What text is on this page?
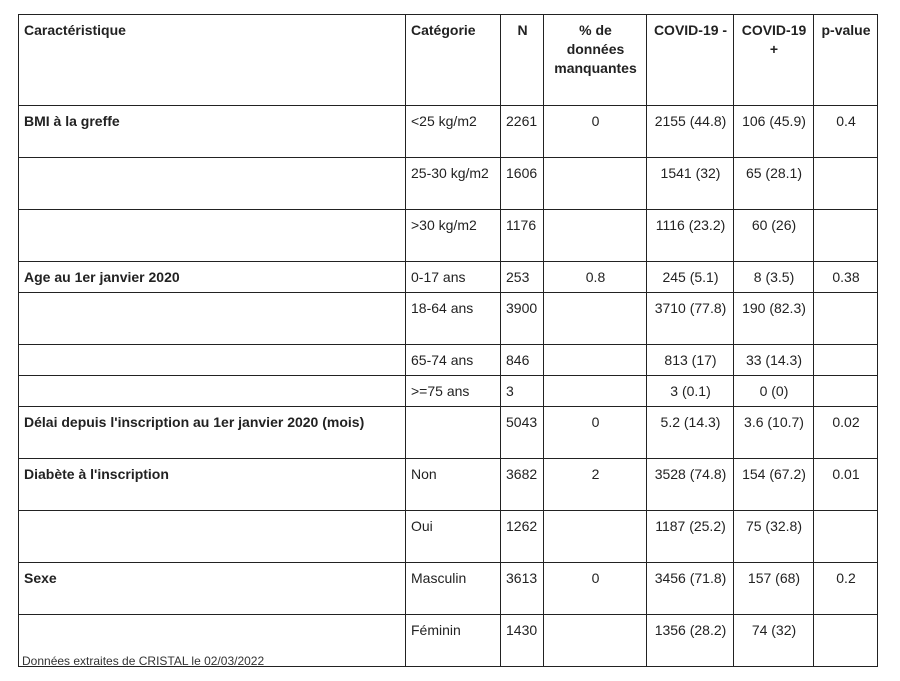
Caractéristique	Catégorie	N	% de données manquantes	COVID-19 -	COVID-19 +	p-value
BMI à la greffe	<25 kg/m2	2261	0	2155 (44.8)	106 (45.9)	0.4
	25-30 kg/m2	1606		1541 (32)	65 (28.1)	
	>30 kg/m2	1176		1116 (23.2)	60 (26)	
Age au 1er janvier 2020	0-17 ans	253	0.8	245 (5.1)	8 (3.5)	0.38
	18-64 ans	3900		3710 (77.8)	190 (82.3)	
	65-74 ans	846		813 (17)	33 (14.3)	
	>=75 ans	3		3 (0.1)	0 (0)	
Délai depuis l'inscription au 1er janvier 2020 (mois)		5043	0	5.2 (14.3)	3.6 (10.7)	0.02
Diabète à l'inscription	Non	3682	2	3528 (74.8)	154 (67.2)	0.01
	Oui	1262		1187 (25.2)	75 (32.8)	
Sexe	Masculin	3613	0	3456 (71.8)	157 (68)	0.2
	Féminin	1430		1356 (28.2)	74 (32)	
Données extraites de CRISTAL le 02/03/2022
